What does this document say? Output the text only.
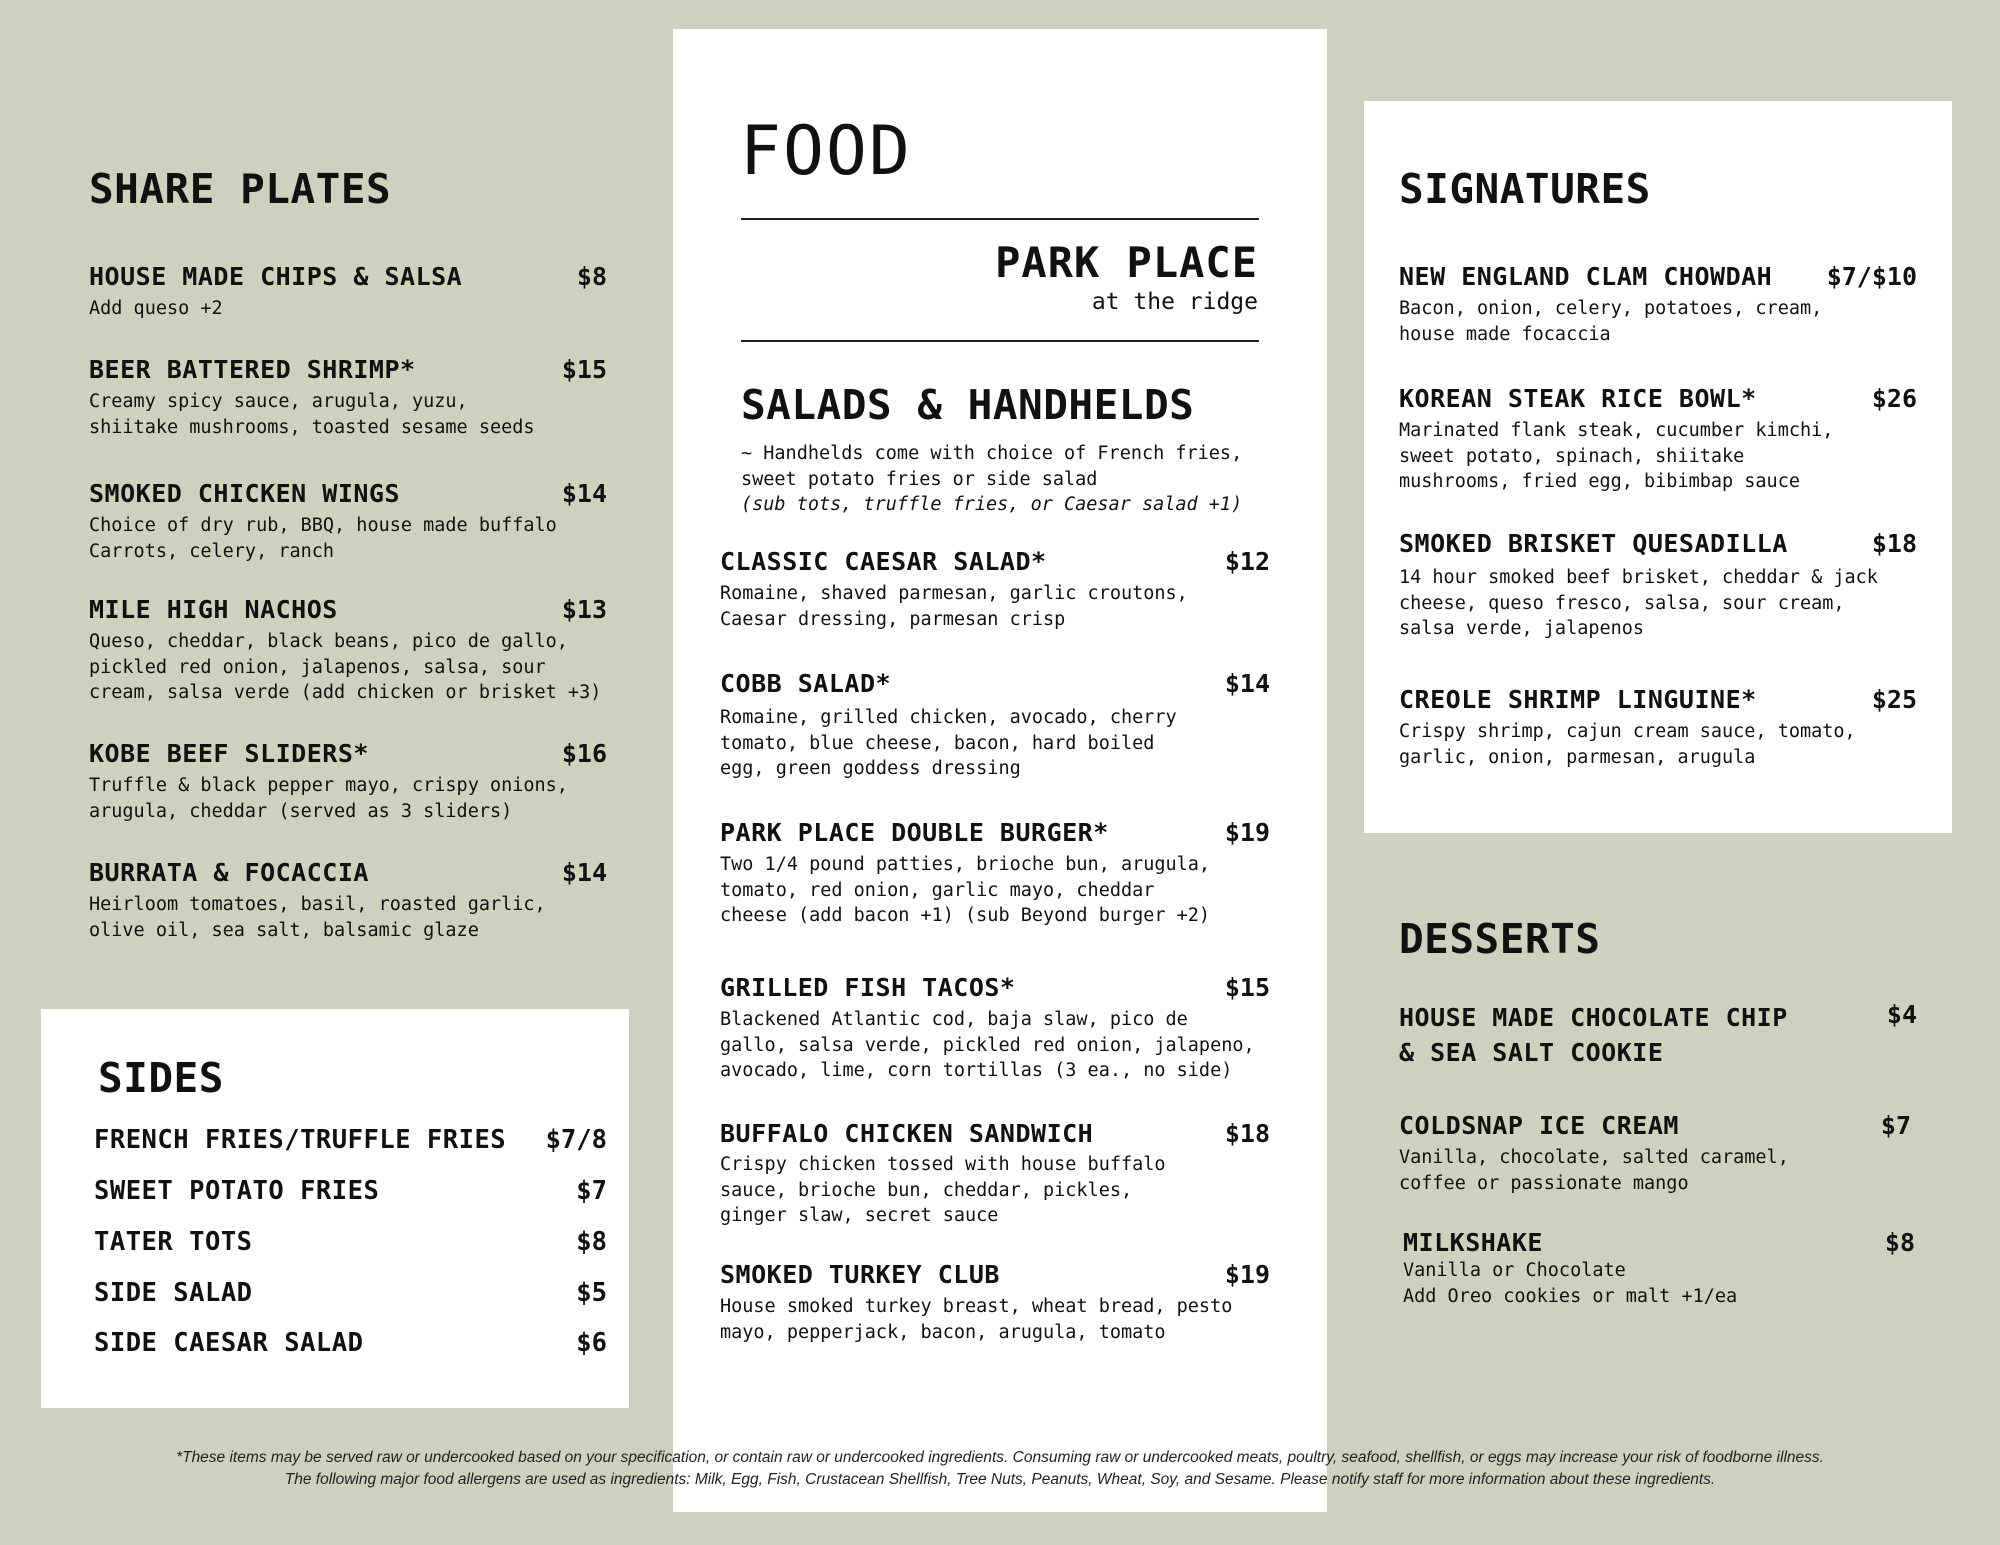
SHARE PLATES
HOUSE MADE CHIPS & SALSA	$8

Add queso +2

BEER BATTERED SHRIMP*	$15

Creamy spicy sauce, arugula, yuzu,
shiitake mushrooms, toasted sesame seeds

SMOKED CHICKEN WINGS	$14

Choice of dry rub, BBQ, house made buffalo
Carrots, celery, ranch

MILE HIGH NACHOS	$13

Queso, cheddar, black beans, pico de gallo,
pickled red onion, jalapenos, salsa, sour
cream, salsa verde (add chicken or brisket +3)

KOBE BEEF SLIDERS*	$16

Truffle & black pepper mayo, crispy onions,
arugula, cheddar (served as 3 sliders)

BURRATA & FOCACCIA	$14

Heirloom tomatoes, basil, roasted garlic,
olive oil, sea salt, balsamic glaze

SIDES
FRENCH FRIES/TRUFFLE FRIES $7/8
SWEET POTATO FRIES	$7
TATER TOTS	$8
SIDE SALAD	$5
SIDE CAESAR SALAD	$6
FOOD
PARK PLACE
at the ridge
SALADS & HANDHELDS

~ Handhelds come with choice of French fries,
sweet potato fries or side salad

(sub tots, truffle fries, or Caesar salad +1)

CLASSIC CAESAR SALAD*	$12

Romaine, shaved parmesan, garlic croutons,
Caesar dressing, parmesan crisp

COBB SALAD*	$14

Romaine, grilled chicken, avocado, cherry
tomato, blue cheese, bacon, hard boiled
egg, green goddess dressing

PARK PLACE DOUBLE BURGER*	$19

Two 1/4 pound patties, brioche bun, arugula,
tomato, red onion, garlic mayo, cheddar
cheese (add bacon +1) (sub Beyond burger +2)

GRILLED FISH TACOS*	$15

Blackened Atlantic cod, baja slaw, pico de
gallo, salsa verde, pickled red onion, jalapeno,
avocado, lime, corn tortillas (3 ea., no side)

BUFFALO CHICKEN SANDWICH	$18

Crispy chicken tossed with house buffalo
sauce, brioche bun, cheddar, pickles,
ginger slaw, secret sauce

SMOKED TURKEY CLUB	$19

House smoked turkey breast, wheat bread, pesto
mayo, pepperjack, bacon, arugula, tomato

SIGNATURES
NEW ENGLAND CLAM CHOWDAH $7/$10

Bacon, onion, celery, potatoes, cream,
house made focaccia

KOREAN STEAK RICE BOWL*	$26

Marinated flank steak, cucumber kimchi,
sweet potato, spinach, shiitake
mushrooms, fried egg, bibimbap sauce

SMOKED BRISKET QUESADILLA	$18

14 hour smoked beef brisket, cheddar & jack
cheese, queso fresco, salsa, sour cream,
salsa verde, jalapenos

CREOLE SHRIMP LINGUINE*	$25

Crispy shrimp, cajun cream sauce, tomato,
garlic, onion, parmesan, arugula

DESSERTS
HOUSE MADE CHOCOLATE CHIP
& SEA SALT COOKIE
$4
COLDSNAP ICE CREAM	$7

Vanilla, chocolate, salted caramel,
coffee or passionate mango

MILKSHAKE	$8

Vanilla or Chocolate
Add Oreo cookies or malt +1/ea

*These items may be served raw or undercooked based on your specification, or contain raw or undercooked ingredients. Consuming raw or undercooked meats, poultry, seafood, shellfish, or eggs may increase your risk of foodborne illness.
The following major food allergens are used as ingredients: Milk, Egg, Fish, Crustacean Shellfish, Tree Nuts, Peanuts, Wheat, Soy, and Sesame. Please notify staff for more information about these ingredients.
